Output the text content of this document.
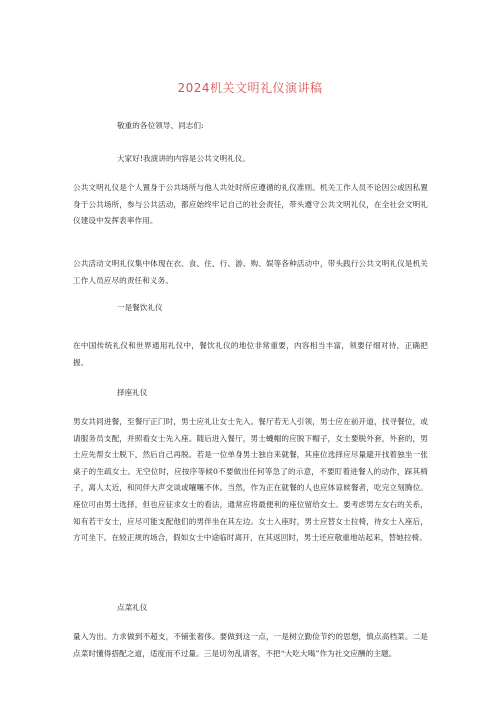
2024机关文明礼仪演讲稿

敬重的各位领导、同志们:

大家好!我演讲的内容是公共文明礼仪。

公共文明礼仪是个人置身于公共场所与他人共处时所应遵循的礼仪准则。机关工作人员不论因公或因私置身于公共场所，参与公共活动，都应始终牢记自己的社会责任，带头遵守公共文明礼仪，在全社会文明礼仪建设中发挥表率作用。

公共活动文明礼仪集中体现在衣、食、住、行、游、购、娱等各种活动中，带头践行公共文明礼仪是机关工作人员应尽的责任和义务。

一是餐饮礼仪

在中国传统礼仪和世界通用礼仪中，餐饮礼仪的地位非常重要，内容相当丰富，须要仔细对待，正确把握。

择座礼仪

男女共同进餐，至餐厅正门时，男士应礼让女士先入。餐厅若无人引领，男士应在前开道，找寻餐位，或请服务员支配，并照看女士先入座。随后进入餐厅，男士蠛帽的应脱下帽子，女士要脱外套，外套的，男士应先帮女士脱下，然后自己再脱。若是一位单身男士独自来就餐，其座位选择应尽量避开找着独坐一张桌子的生疏女士。无空位时，应按序等候0不要做出任何等急了的示意，不要盯着进餐人的动作，踩其椅子，离人太近，和同伴大声交谈或嚷嚷不休。当然，作为正在就餐的人也应体谅候餐者，吃完立刻腾位。座位可由男士选择，但也应征求女士的看法，通常应将最便利的座位留给女士。要考虑男左女右的关系，知有若干女士，应尽可能支配他们的男伴坐在其左边。女士入座时，男士应替女士拉椅，待女士入座后，方可坐下。在较正规的场合，假如女士中途临时离开，在其返回时，男士还应敬重地站起来，替她拉椅。

点菜礼仪

量入为出。力求做到不超支，不铺张奢侈。要做到这一点，一是树立勤俭节约的思想，慎点高档菜。二是点菜时懂得搭配之道，适度而不过量。三是切勿乱请客，不把“大吃大喝”作为社交应酬的主题。
